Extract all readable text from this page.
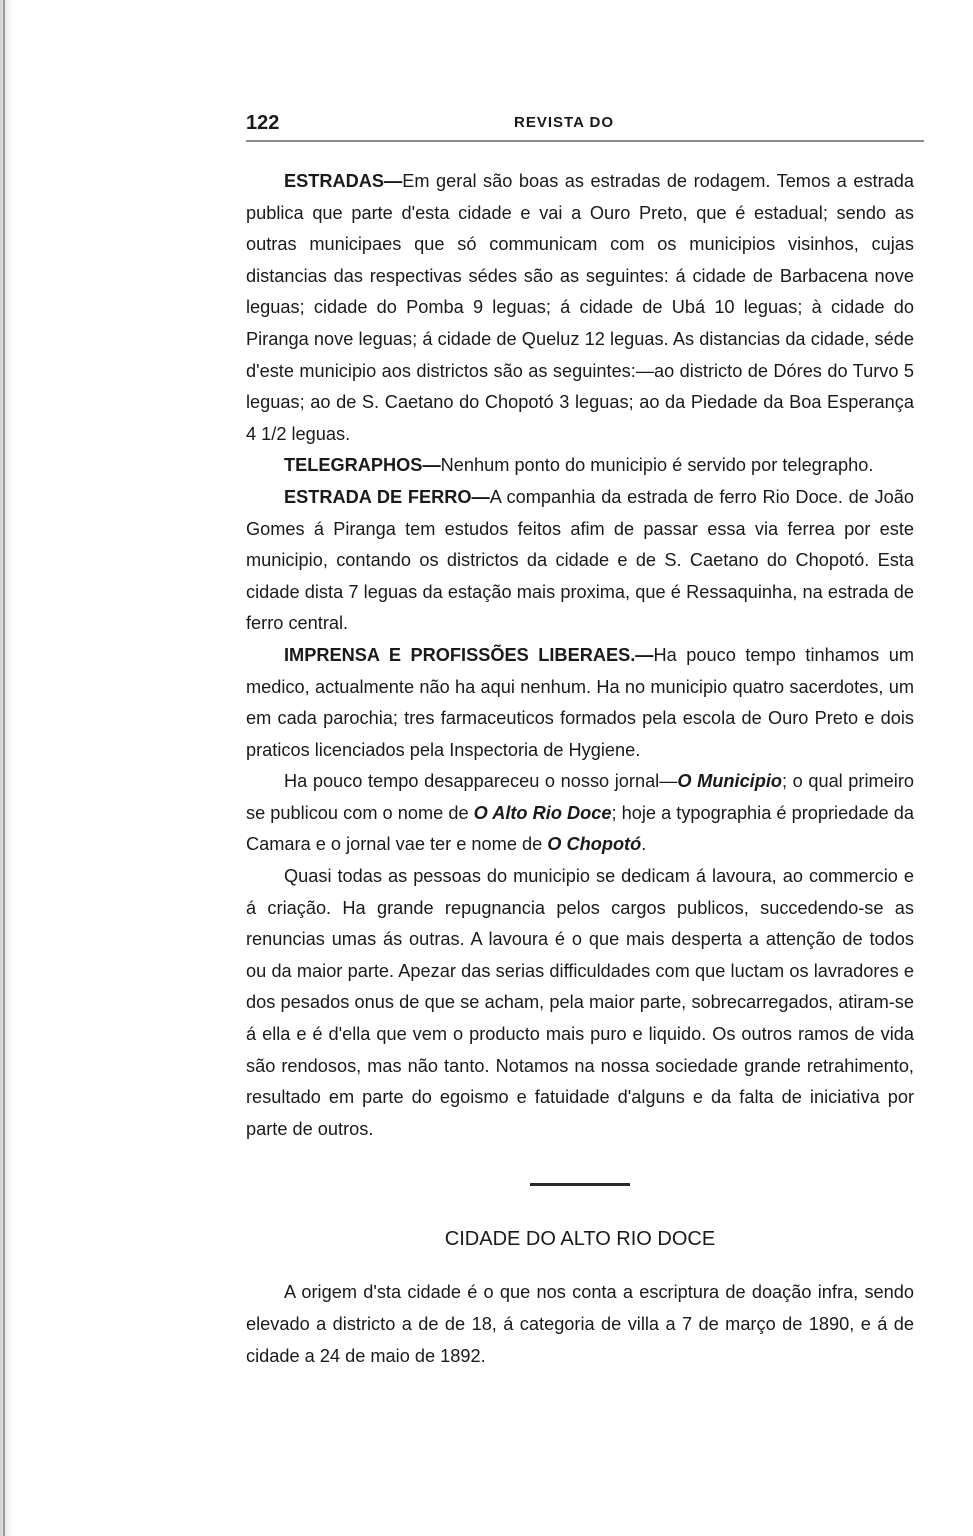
122	REVISTA DO

ESTRADAS—Em geral são boas as estradas de rodagem. Temos a estrada publica que parte d'esta cidade e vai a Ouro Preto, que é estadual; sendo as outras municipaes que só communicam com os municipios visinhos, cujas distancias das respectivas sédes são as seguintes: á cidade de Barbacena nove leguas; cidade do Pomba 9 leguas; á cidade de Ubá 10 leguas; à cidade do Piranga nove leguas; á cidade de Queluz 12 leguas. As distancias da cidade, séde d'este municipio aos districtos são as seguintes:—ao districto de Dóres do Turvo 5 leguas; ao de S. Caetano do Chopotó 3 leguas; ao da Piedade da Boa Esperança 4 1/2 leguas.

TELEGRAPHOS—Nenhum ponto do municipio é servido por telegrapho.

ESTRADA DE FERRO—A companhia da estrada de ferro Rio Doce. de João Gomes á Piranga tem estudos feitos afim de passar essa via ferrea por este municipio, contando os districtos da cidade e de S. Caetano do Chopotó. Esta cidade dista 7 leguas da estação mais proxima, que é Ressaquinha, na estrada de ferro central.

IMPRENSA E PROFISSÕES LIBERAES.—Ha pouco tempo tinhamos um medico, actualmente não ha aqui nenhum. Ha no municipio quatro sacerdotes, um em cada parochia; tres farmaceuticos formados pela escola de Ouro Preto e dois praticos licenciados pela Inspectoria de Hygiene.

Ha pouco tempo desappareceu o nosso jornal—O Municipio; o qual primeiro se publicou com o nome de O Alto Rio Doce; hoje a typographia é propriedade da Camara e o jornal vae ter e nome de O Chopotó.

Quasi todas as pessoas do municipio se dedicam á lavoura, ao commercio e á criação. Ha grande repugnancia pelos cargos publicos, succedendo-se as renuncias umas ás outras. A lavoura é o que mais desperta a attenção de todos ou da maior parte. Apezar das serias difficuldades com que luctam os lavradores e dos pesados onus de que se acham, pela maior parte, sobrecarregados, atiram-se á ella e é d'ella que vem o producto mais puro e liquido. Os outros ramos de vida são rendosos, mas não tanto. Notamos na nossa sociedade grande retrahimento, resultado em parte do egoismo e fatuidade d'alguns e da falta de iniciativa por parte de outros.

CIDADE DO ALTO RIO DOCE

A origem d'sta cidade é o que nos conta a escriptura de doação infra, sendo elevado a districto a de de 18, á categoria de villa a 7 de março de 1890, e á de cidade a 24 de maio de 1892.
